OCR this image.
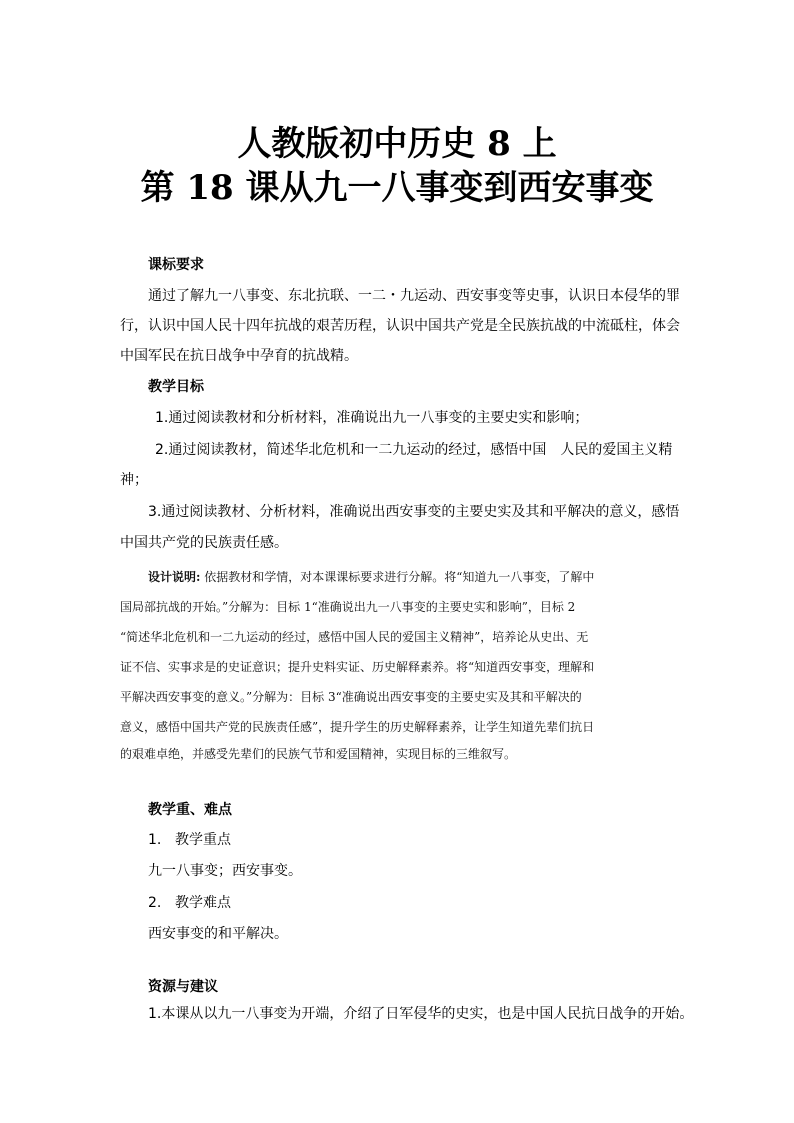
人教版初中历史 8 上
第 18 课从九一八事变到西安事变
课标要求
通过了解九一八事变、东北抗联、一二・九运动、西安事变等史事，认识日本侵华的罪
行，认识中国人民十四年抗战的艰苦历程，认识中国共产党是全民族抗战的中流砥柱，体会
中国军民在抗日战争中孕育的抗战精。
教学目标
1.通过阅读教材和分析材料，准确说出九一八事变的主要史实和影响；
2.通过阅读教材，简述华北危机和一二九运动的经过，感悟中国　人民的爱国主义精
神；
3.通过阅读教材、分析材料，准确说出西安事变的主要史实及其和平解决的意义，感悟
中国共产党的民族责任感。
设计说明: 依据教材和学情，对本课课标要求进行分解。将“知道九一八事变，了解中
国局部抗战的开始。”分解为：目标 1“准确说出九一八事变的主要史实和影响”，目标 2
“简述华北危机和一二九运动的经过，感悟中国人民的爱国主义精神”，培养论从史出、无
证不信、实事求是的史证意识；提升史料实证、历史解释素养。将“知道西安事变，理解和
平解决西安事变的意义。”分解为：目标 3“准确说出西安事变的主要史实及其和平解决的
意义，感悟中国共产党的民族责任感”，提升学生的历史解释素养，让学生知道先辈们抗日
的艰难卓绝，并感受先辈们的民族气节和爱国精神，实现目标的三维叙写。
教学重、难点
1. 教学重点
九一八事变；西安事变。
2. 教学难点
西安事变的和平解决。
资源与建议
1.本课从以九一八事变为开端，介绍了日军侵华的史实，也是中国人民抗日战争的开始。
